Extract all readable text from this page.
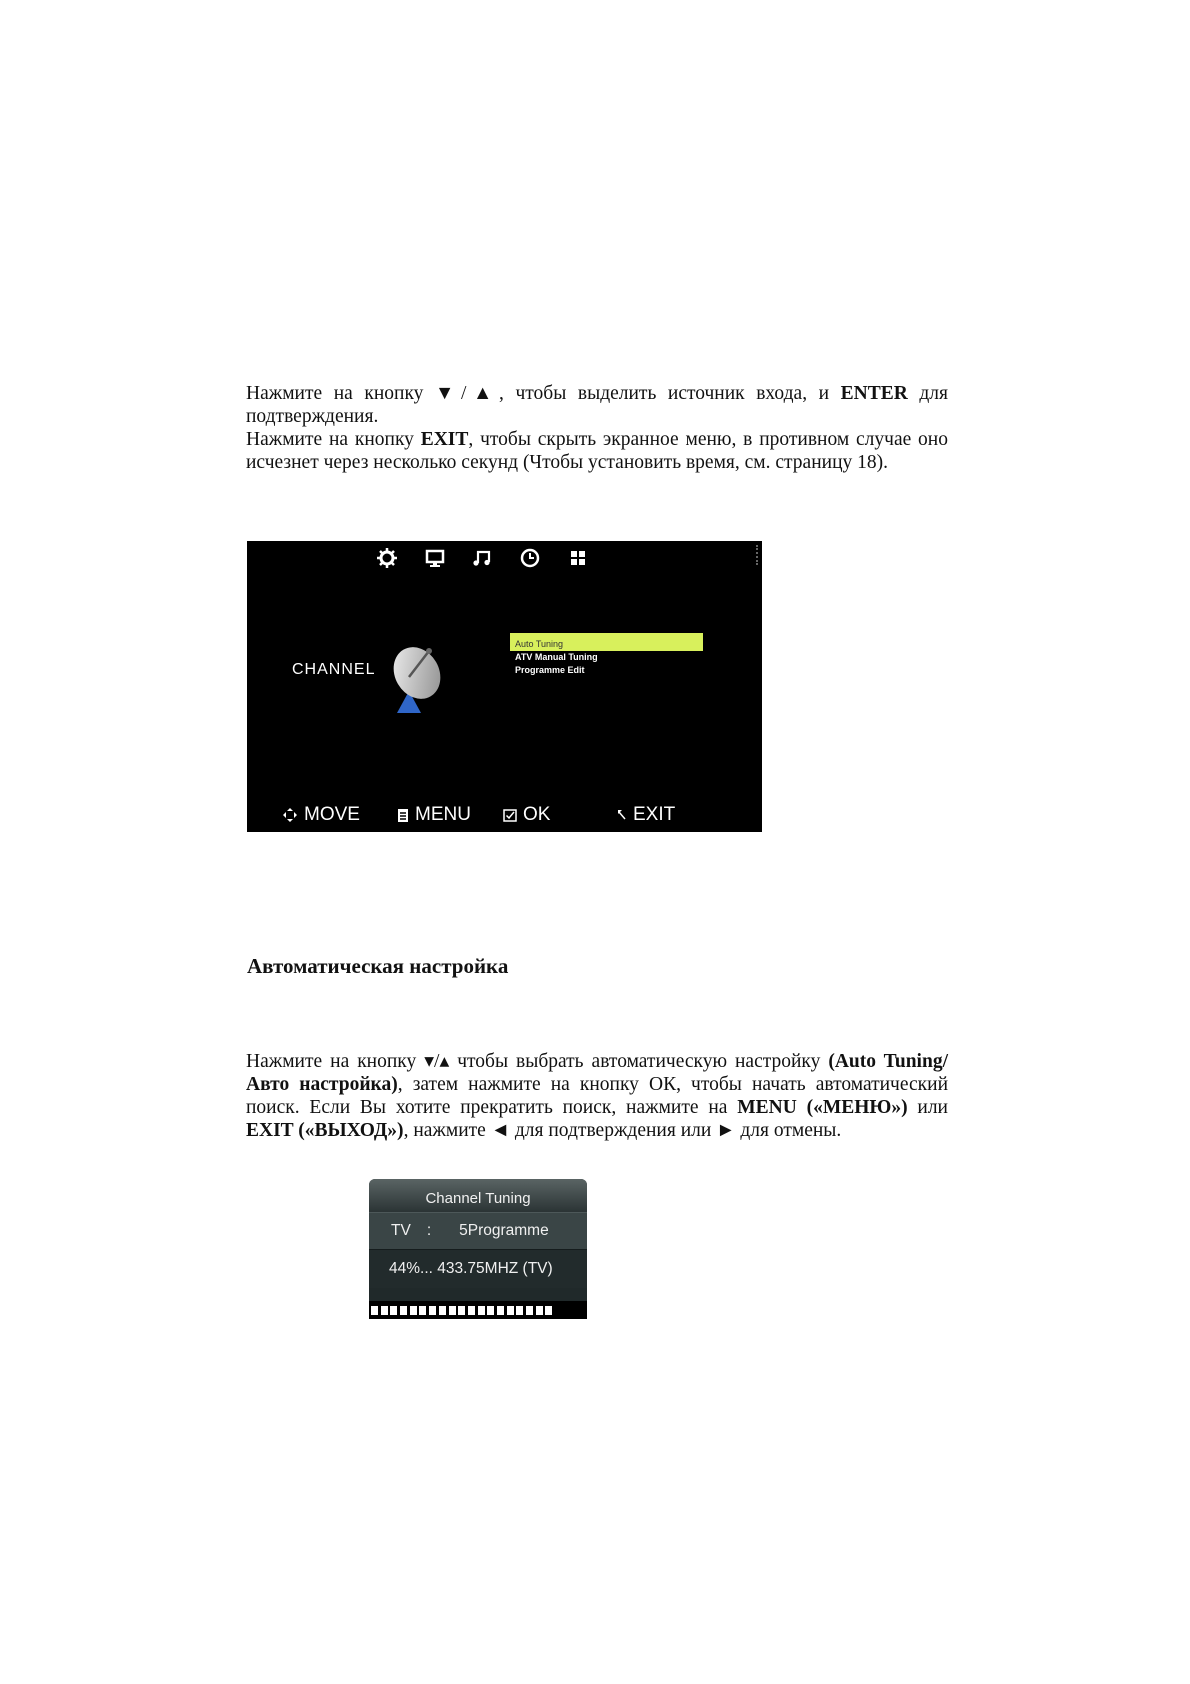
Нажмите на кнопку ▼/▲, чтобы выделить источник входа, и ENTER для подтверждения.
Нажмите на кнопку EXIT, чтобы скрыть экранное меню, в противном случае оно исчезнет через несколько секунд (Чтобы установить время, см. страницу 18).

CHANNEL
Auto Tuning
ATV Manual Tuning
Programme Edit
MOVE	MENU	OK	EXIT
Автоматическая настройка

Нажмите на кнопку ▾/▴ чтобы выбрать автоматическую настройку (Auto Tuning/ Авто настройка), затем нажмите на кнопку ОК, чтобы начать автоматический поиск. Если Вы хотите прекратить поиск, нажмите на MENU («МЕНЮ») или EXIT («ВЫХОД»), нажмите ◄ для подтверждения или ► для отмены.

Channel Tuning
TV : 5Programme
44%... 433.75MHZ (TV)
